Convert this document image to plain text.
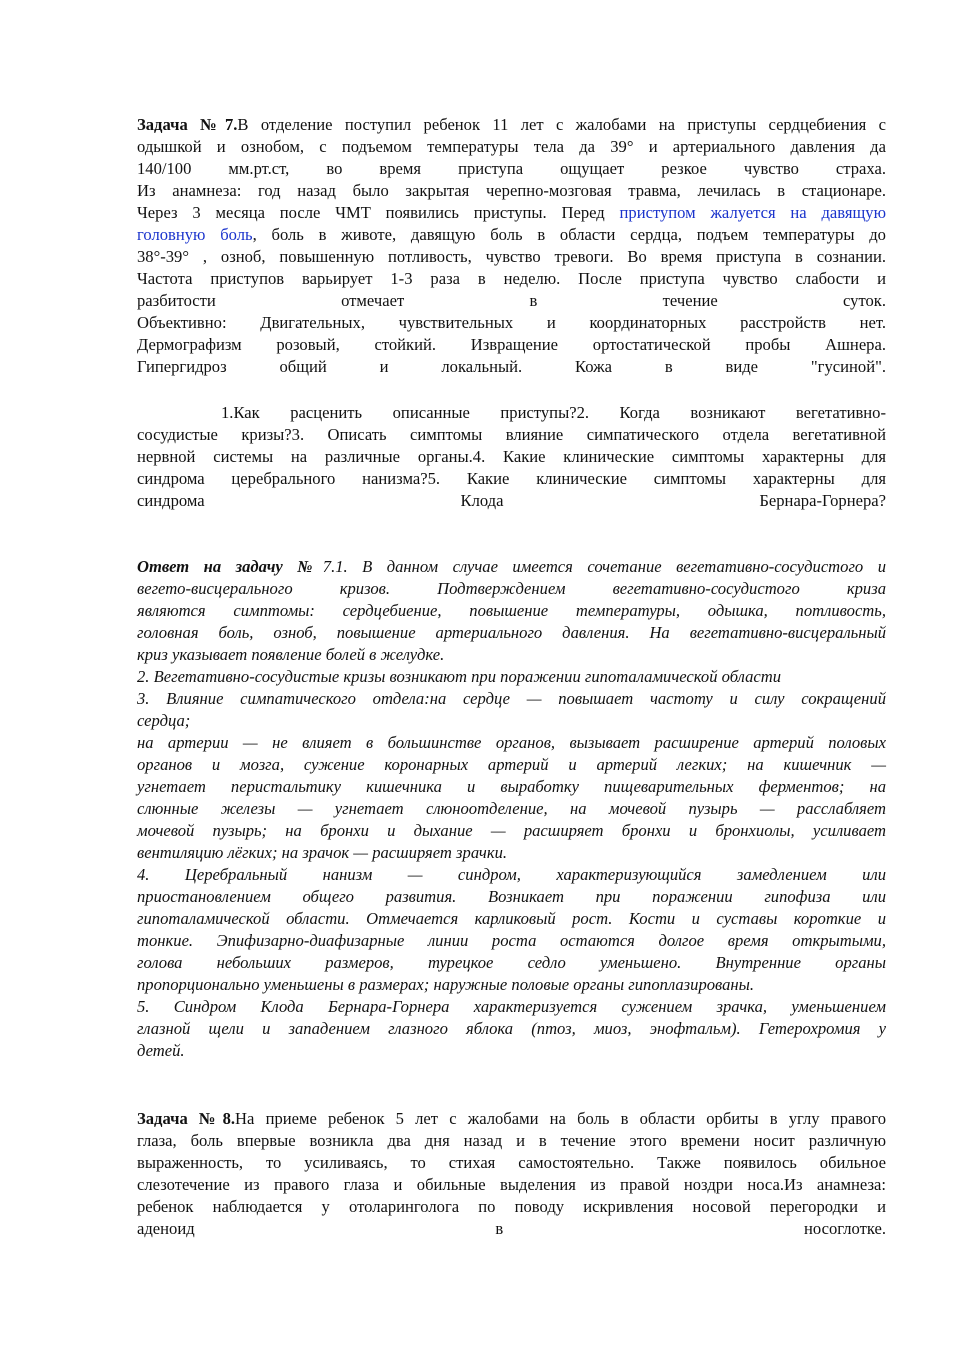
Задача №7.В отделение поступил ребенок 11 лет с жалобами на приступы сердцебиения с
одышкой и ознобом, с подъемом температуры тела да 39° и артериального давления да
140/100 мм.рт.ст, во время приступа ощущает резкое чувство страха.
Из анамнеза: год назад было закрытая черепно-мозговая травма, лечилась в стационаре.
Через 3 месяца после ЧМТ появились приступы. Перед приступом жалуется на давящую
головную боль, боль в животе, давящую боль в области сердца, подъем температуры до
38°-39° , озноб, повышенную потливость, чувство тревоги. Во время приступа в сознании.
Частота приступов варьирует 1-3 раза в неделю. После приступа чувство слабости и
разбитости отмечает в течение суток.
Объективно: Двигательных, чувствительных и координаторных расстройств нет.
Дермографизм розовый, стойкий. Извращение ортостатической пробы Ашнера.
Гипергидроз общий и локальный. Кожа в виде "гусиной".
1.Как расценить описанные приступы?2. Когда возникают вегетативно-
сосудистые кризы?3. Описать симптомы влияние симпатического отдела вегетативной
нервной системы на различные органы.4. Какие клинические симптомы характерны для
синдрома церебрального нанизма?5. Какие клинические симптомы характерны для
синдрома Клода Бернара-Горнера?
Ответ на задачу №7.1. В данном случае имеется сочетание вегетативно-сосудистого и
вегето-висцерального кризов. Подтверждением вегетативно-сосудистого криза
являются симптомы: сердцебиение, повышение температуры, одышка, потливость,
головная боль, озноб, повышение артериального давления. На вегетативно-висцеральный
криз указывает появление болей в желудке.
2. Вегетативно-сосудистые кризы возникают при поражении гипоталамической области
3. Влияние симпатического отдела:на сердце — повышает частоту и силу сокращений
сердца;
на артерии — не влияет в большинстве органов, вызывает расширение артерий половых
органов и мозга, сужение коронарных артерий и артерий легких; на кишечник —
угнетает перистальтику кишечника и выработку пищеварительных ферментов; на
слюнные железы — угнетает слюноотделение, на мочевой пузырь — расслабляет
мочевой пузырь; на бронхи и дыхание — расширяет бронхи и бронхиолы, усиливает
вентиляцию лёгких; на зрачок — расширяет зрачки.
4. Церебральный нанизм — синдром, характеризующийся замедлением или
приостановлением общего развития. Возникает при поражении гипофиза или
гипоталамической области. Отмечается карликовый рост. Кости и суставы короткие и
тонкие. Эпифизарно-диафизарные линии роста остаются долгое время открытыми,
голова небольших размеров, турецкое седло уменьшено. Внутренние органы
пропорционально уменьшены в размерах; наружные половые органы гипоплазированы.
5. Синдром Клода Бернара-Горнера характеризуется сужением зрачка, уменьшением
глазной щели и западением глазного яблока (птоз, миоз, энофтальм). Гетерохромия у
детей.
Задача №8.На приеме ребенок 5 лет с жалобами на боль в области орбиты в углу правого
глаза, боль впервые возникла два дня назад и в течение этого времени носит различную
выраженность, то усиливаясь, то стихая самостоятельно. Также появилось обильное
слезотечение из правого глаза и обильные выделения из правой ноздри носа.Из анамнеза:
ребенок наблюдается у отоларинголога по поводу искривления носовой перегородки и
аденоид в носоглотке.
